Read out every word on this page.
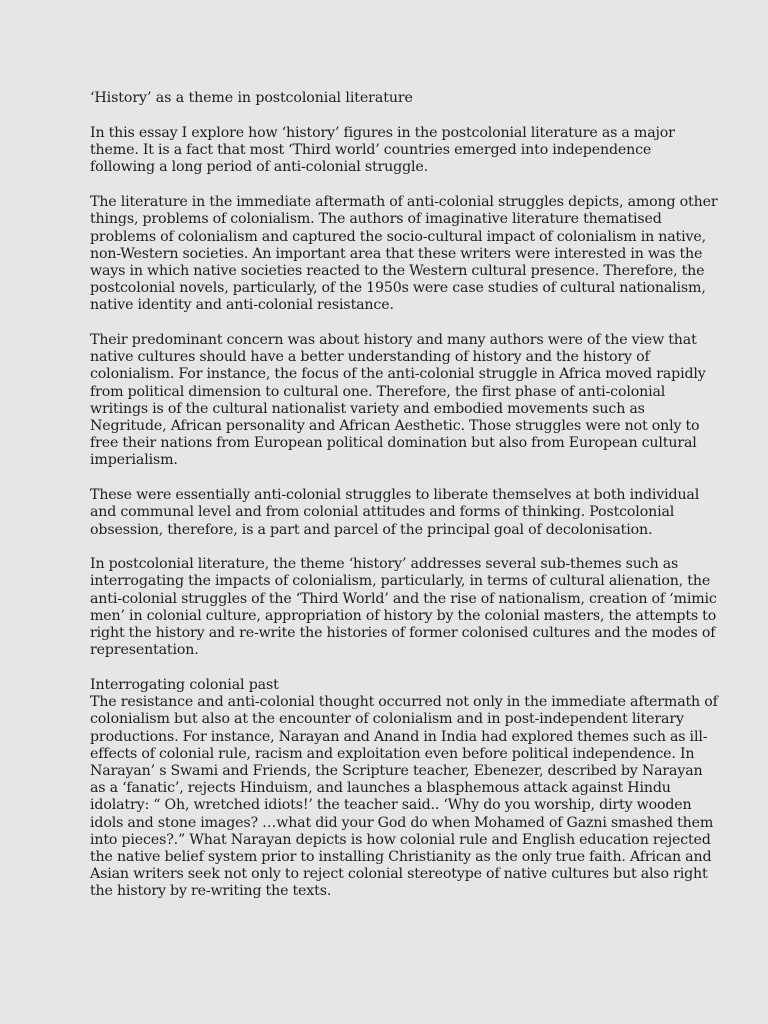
‘History’ as a theme in postcolonial literature

In this essay I explore how ‘history’ figures in the postcolonial literature as a major theme. It is a fact that most ‘Third world’ countries emerged into independence following a long period of anti-colonial struggle.

The literature in the immediate aftermath of anti-colonial struggles depicts, among other things, problems of colonialism. The authors of imaginative literature thematised problems of colonialism and captured the socio-cultural impact of colonialism in native, non-Western societies. An important area that these writers were interested in was the ways in which native societies reacted to the Western cultural presence. Therefore, the postcolonial novels, particularly, of the 1950s were case studies of cultural nationalism, native identity and anti-colonial resistance.

Their predominant concern was about history and many authors were of the view that native cultures should have a better understanding of history and the history of colonialism. For instance, the focus of the anti-colonial struggle in Africa moved rapidly from political dimension to cultural one. Therefore, the first phase of anti-colonial writings is of the cultural nationalist variety and embodied movements such as Negritude, African personality and African Aesthetic. Those struggles were not only to free their nations from European political domination but also from European cultural imperialism.

These were essentially anti-colonial struggles to liberate themselves at both individual and communal level and from colonial attitudes and forms of thinking. Postcolonial obsession, therefore, is a part and parcel of the principal goal of decolonisation.

In postcolonial literature, the theme ‘history’ addresses several sub-themes such as interrogating the impacts of colonialism, particularly, in terms of cultural alienation, the anti-colonial struggles of the ‘Third World’ and the rise of nationalism, creation of ‘mimic men’ in colonial culture, appropriation of history by the colonial masters, the attempts to right the history and re-write the histories of former colonised cultures and the modes of representation.

Interrogating colonial past

The resistance and anti-colonial thought occurred not only in the immediate aftermath of colonialism but also at the encounter of colonialism and in post-independent literary productions. For instance, Narayan and Anand in India had explored themes such as ill-effects of colonial rule, racism and exploitation even before political independence. In Narayan’ s Swami and Friends, the Scripture teacher, Ebenezer, described by Narayan as a ‘fanatic’, rejects Hinduism, and launches a blasphemous attack against Hindu idolatry: “ Oh, wretched idiots!’ the teacher said.. ‘Why do you worship, dirty wooden idols and stone images? …what did your God do when Mohamed of Gazni smashed them into pieces?.” What Narayan depicts is how colonial rule and English education rejected the native belief system prior to installing Christianity as the only true faith. African and Asian writers seek not only to reject colonial stereotype of native cultures but also right the history by re-writing the texts.
